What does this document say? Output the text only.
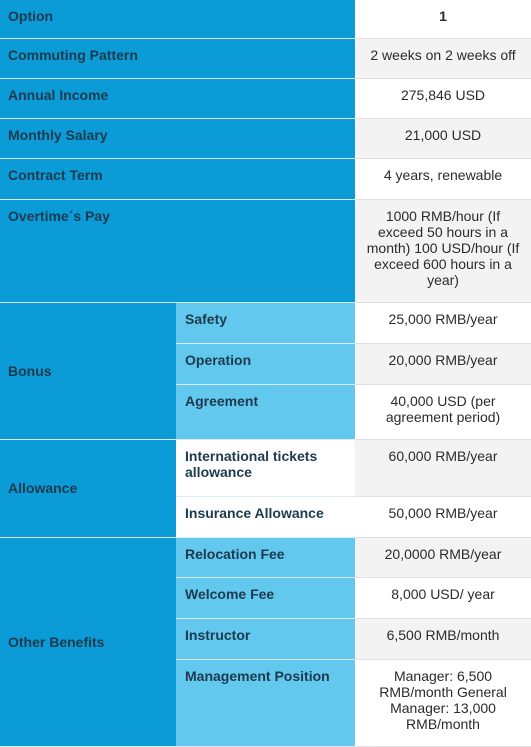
Option		1
Commuting Pattern		2 weeks on 2 weeks off
Annual Income		275,846 USD
Monthly Salary		21,000 USD
Contract Term		4 years, renewable
Overtime´s Pay		1000 RMB/hour (If exceed 50 hours in a month) 100 USD/hour (If exceed 600 hours in a year)
Bonus	Safety	25,000 RMB/year
	Operation	20,000 RMB/year
	Agreement	40,000 USD (per agreement period)
Allowance	International tickets allowance	60,000 RMB/year
	Insurance Allowance	50,000 RMB/year
Other Benefits	Relocation Fee	20,0000 RMB/year
	Welcome Fee	8,000 USD/ year
	Instructor	6,500 RMB/month
	Management Position	Manager: 6,500 RMB/month General Manager: 13,000 RMB/month
